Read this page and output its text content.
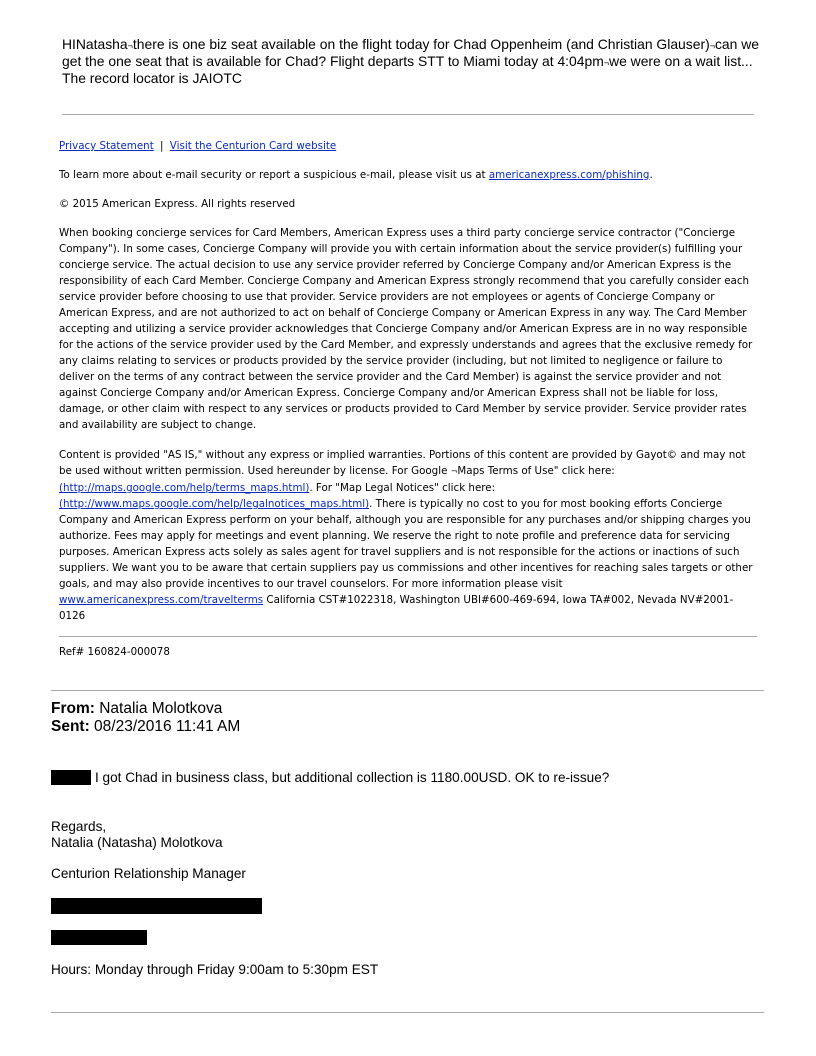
HINatasha¬there is one biz seat available on the flight today for Chad Oppenheim (and Christian Glauser)¬can we get the one seat that is available for Chad? Flight departs STT to Miami today at 4:04pm¬we were on a wait list... The record locator is JAIOTC
Privacy Statement | Visit the Centurion Card website
To learn more about e-mail security or report a suspicious e-mail, please visit us at americanexpress.com/phishing.
© 2015 American Express. All rights reserved
When booking concierge services for Card Members, American Express uses a third party concierge service contractor ("Concierge Company"). In some cases, Concierge Company will provide you with certain information about the service provider(s) fulfilling your concierge service. The actual decision to use any service provider referred by Concierge Company and/or American Express is the responsibility of each Card Member. Concierge Company and American Express strongly recommend that you carefully consider each service provider before choosing to use that provider. Service providers are not employees or agents of Concierge Company or American Express, and are not authorized to act on behalf of Concierge Company or American Express in any way. The Card Member accepting and utilizing a service provider acknowledges that Concierge Company and/or American Express are in no way responsible for the actions of the service provider used by the Card Member, and expressly understands and agrees that the exclusive remedy for any claims relating to services or products provided by the service provider (including, but not limited to negligence or failure to deliver on the terms of any contract between the service provider and the Card Member) is against the service provider and not against Concierge Company and/or American Express. Concierge Company and/or American Express shall not be liable for loss, damage, or other claim with respect to any services or products provided to Card Member by service provider. Service provider rates and availability are subject to change.
Content is provided "AS IS," without any express or implied warranties. Portions of this content are provided by Gayot© and may not be used without written permission. Used hereunder by license. For Google ¬Maps Terms of Use" click here: (http://maps.google.com/help/terms_maps.html). For "Map Legal Notices" click here: (http://www.maps.google.com/help/legalnotices_maps.html). There is typically no cost to you for most booking efforts Concierge Company and American Express perform on your behalf, although you are responsible for any purchases and/or shipping charges you authorize. Fees may apply for meetings and event planning. We reserve the right to note profile and preference data for servicing purposes. American Express acts solely as sales agent for travel suppliers and is not responsible for the actions or inactions of such suppliers. We want you to be aware that certain suppliers pay us commissions and other incentives for reaching sales targets or other goals, and may also provide incentives to our travel counselors. For more information please visit www.americanexpress.com/travelterms California CST#1022318, Washington UBI#600-469-694, Iowa TA#002, Nevada NV#2001-0126
Ref# 160824-000078
From: Natalia Molotkova
Sent: 08/23/2016 11:41 AM
I got Chad in business class, but additional collection is 1180.00USD. OK to re-issue?
Regards,
Natalia (Natasha) Molotkova
Centurion Relationship Manager
Hours: Monday through Friday 9:00am to 5:30pm EST
